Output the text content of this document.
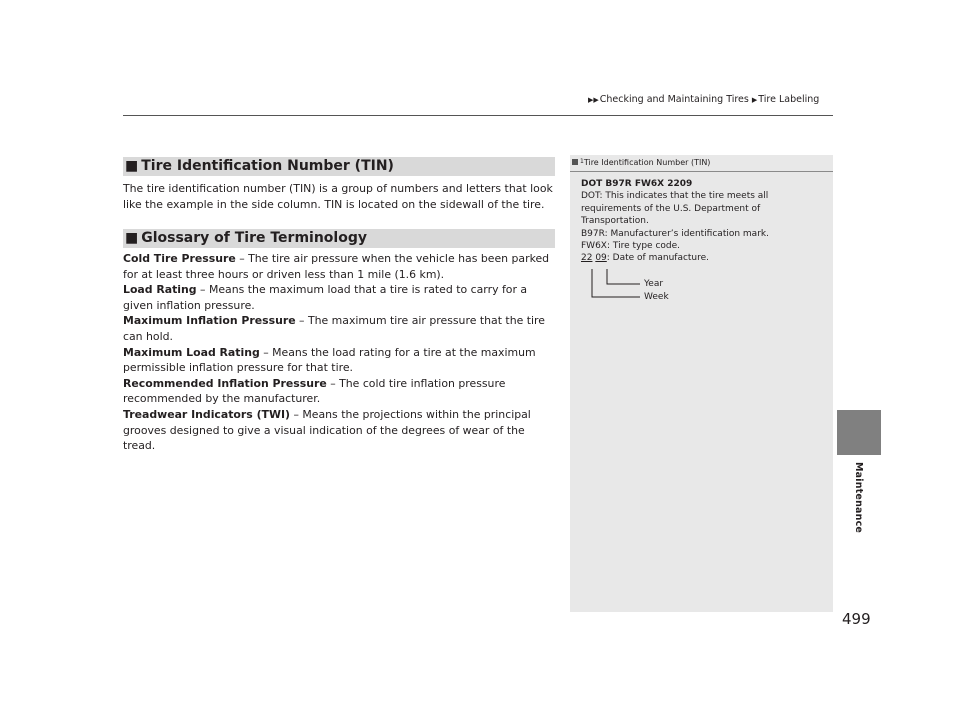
▶▶Checking and Maintaining Tires ▶Tire Labeling
Maintenance
499
■ Tire Identification Number (TIN)

The tire identification number (TIN) is a group of numbers and letters that look like the example in the side column. TIN is located on the sidewall of the tire.

■ Glossary of Tire Terminology

Cold Tire Pressure – The tire air pressure when the vehicle has been parked for at least three hours or driven less than 1 mile (1.6 km).

Load Rating – Means the maximum load that a tire is rated to carry for a given inflation pressure.

Maximum Inflation Pressure – The maximum tire air pressure that the tire can hold.

Maximum Load Rating – Means the load rating for a tire at the maximum permissible inflation pressure for that tire.

Recommended Inflation Pressure – The cold tire inflation pressure recommended by the manufacturer.

Treadwear Indicators (TWI) – Means the projections within the principal grooves designed to give a visual indication of the degrees of wear of the tread.

$^1$Tire Identification Number (TIN)

DOT B97R FW6X 2209

DOT: This indicates that the tire meets all requirements of the U.S. Department of Transportation.

B97R: Manufacturer’s identification mark.

FW6X: Tire type code.

22 09: Date of manufacture.

Year
Week
